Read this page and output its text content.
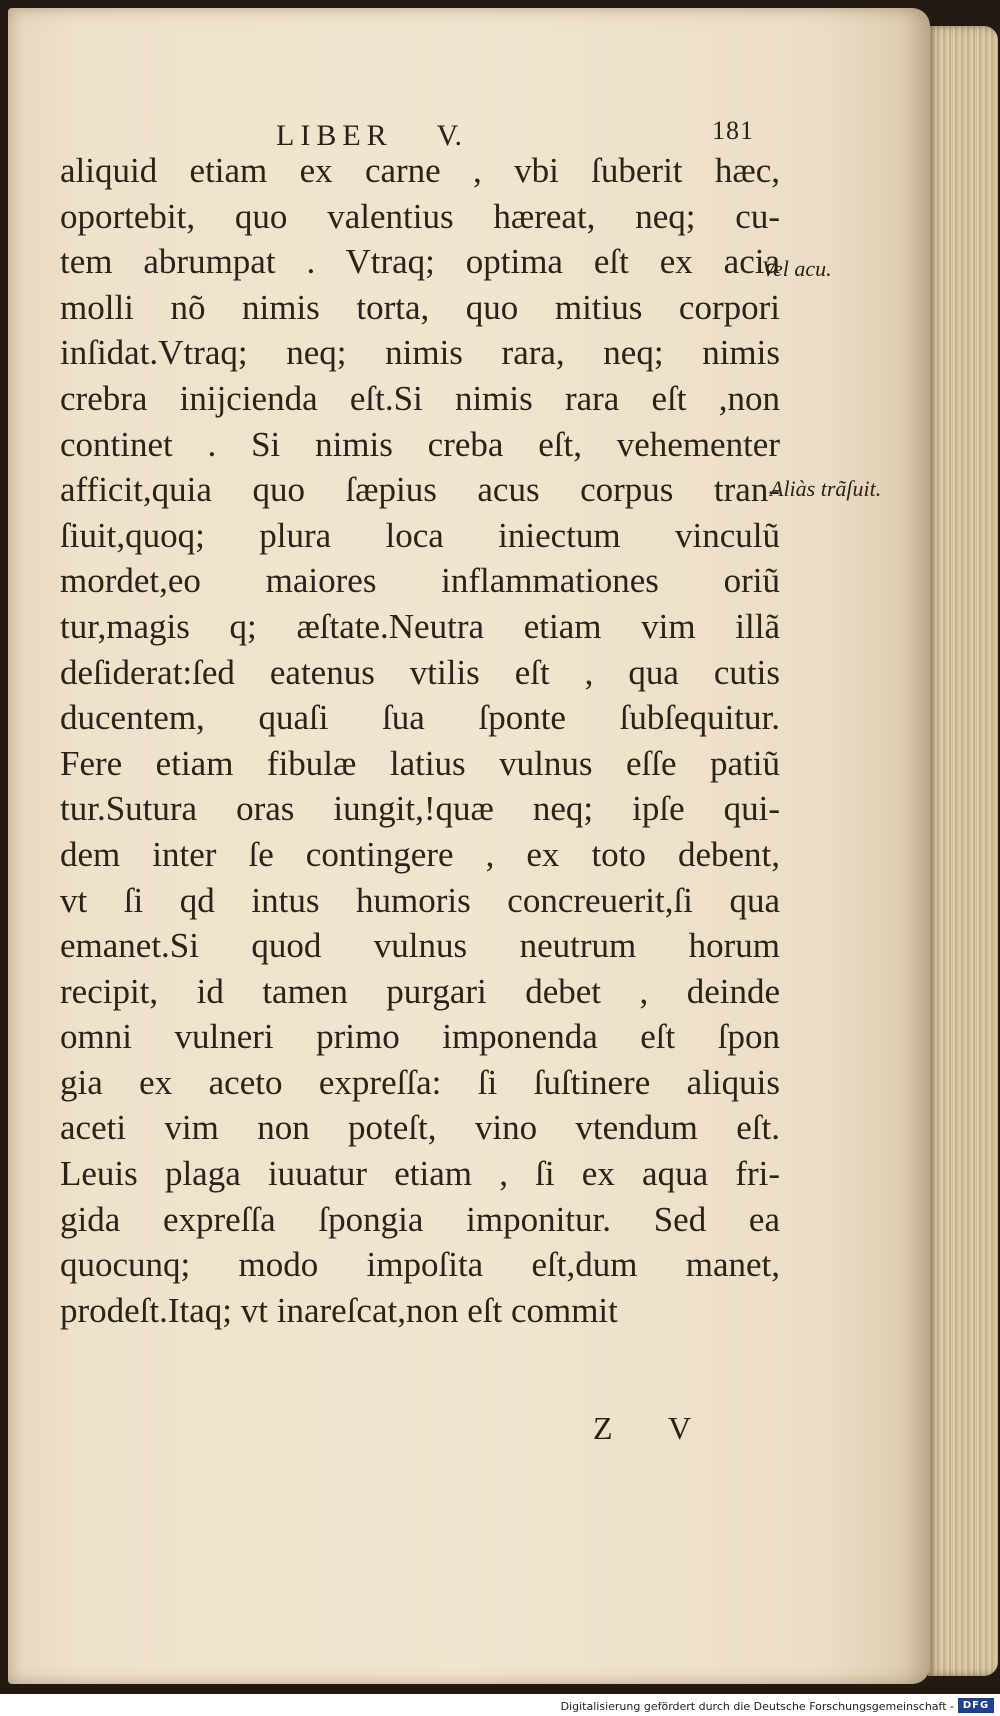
LIBER V.	181
aliquid etiam ex carne , vbi ſuberit hæc,
oportebit, quo valentius hæreat, neq; cu-
tem abrumpat . Vtraq; optima eſt ex acia
molli nõ nimis torta, quo mitius corpori
inſidat.Vtraq; neq; nimis rara, neq; nimis
crebra inijcienda eſt.Si nimis rara eſt ,non
continet . Si nimis creba eſt, vehementer
afficit,quia quo ſæpius acus corpus tran-
ſiuit,quoq; plura loca iniectum vinculũ
mordet,eo maiores inflammationes oriũ
tur,magis q; æſtate.Neutra etiam vim illã
deſiderat:ſed eatenus vtilis eſt , qua cutis
ducentem, quaſi ſua ſponte ſubſequitur.
Fere etiam fibulæ latius vulnus eſſe patiũ
tur.Sutura oras iungit,!quæ neq; ipſe qui-
dem inter ſe contingere , ex toto debent,
vt ſi qd intus humoris concreuerit,ſi qua
emanet.Si quod vulnus neutrum horum
recipit, id tamen purgari debet , deinde
omni vulneri primo imponenda eſt ſpon
gia ex aceto expreſſa: ſi ſuſtinere aliquis
aceti vim non poteſt, vino vtendum eſt.
Leuis plaga iuuatur etiam , ſi ex aqua fri-
gida expreſſa ſpongia imponitur. Sed ea
quocunq; modo impoſita eſt,dum manet,
prodeſt.Itaq; vt inareſcat,non eſt commit
Vel acu.
Aliàs trãſuit.
Z V
Digitalisierung gefördert durch die Deutsche Forschungsgemeinschaft - DFG
